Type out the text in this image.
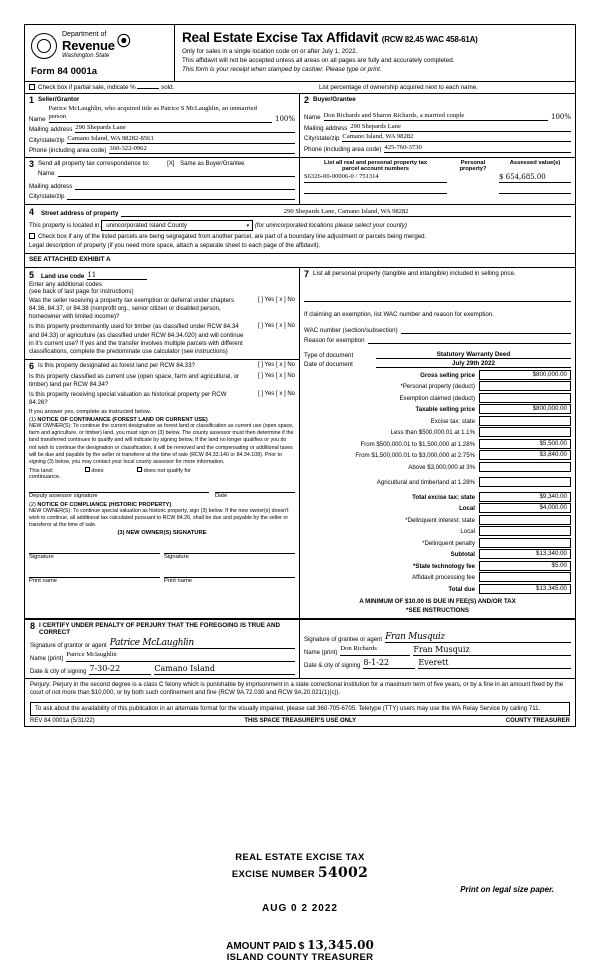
Department of
Revenue
Washington State
⦿
Form 84 0001a
Real Estate Excise Tax Affidavit (RCW 82.45 WAC 458-61A)
Only for sales in a single location code on or after July 1, 2022.
This affidavit will not be accepted unless all areas on all pages are fully and accurately completed.
This form is your receipt when stamped by cashier. Please type or print.
Check box if partial sale, indicate %	sold.	List percentage of ownership acquired next to each name.
1 Seller/Grantor
Name
Patrice McLaughlin, who acquired title as Patrice S McLaughlin, an unmarried person	100%
Mailing address 290 Shepards Lane
City/state/zip Camano Island, WA 98282-8561
Phone (including area code) 360-322-0962
2 Buyer/Grantee
Name Don Richards and Sharon Richards, a married couple	100%
Mailing address 290 Shepards Lane
City/state/zip Camano Island, WA 98282
Phone (including area code) 425-760-3730
3 Send all property tax correspondence to:	[X] Same as Buyer/Grantee
Name
Mailing address
City/state/zip
List all real and personal property tax
parcel account numbers
Personal property?
Assessed value(s)
S6326-00-00006-0 / 751314	$ 654,685.00
4 Street address of property	290 Shepards Lane, Camano Island, WA 98282
This property is located in unincorporated Island County	▾ (for unincorporated locations please select your county)
Check box if any of the listed parcels are being segregated from another parcel, are part of a boundary line adjustment or parcels being merged.
Legal description of property (if you need more space, attach a separate sheet to each page of the affidavit).
SEE ATTACHED EXHIBIT A
5 Land use code 11
Enter any additional codes
(see back of last page for instructions)
Was the seller receiving a property tax exemption or deferral under chapters 84.36, 84.37, or 84.38 (nonprofit org., senior citizen or disabled person, homeowner with limited income)?
[ ] Yes [ x ] No
Is this property predominantly used for timber (as classified under RCW 84.34 and 84.33) or agriculture (as classified under RCW 84.34.020) and will continue in it's current use? If yes and the transfer involves multiple parcels with different classifications, complete the predominate use calculator (see instructions)
[ ] Yes [ x ] No
6 Is this property designated as forest land per RCW 84.33?	[ ] Yes [ x ] No
Is this property classified as current use (open space, farm and agricultural, or timber) land per RCW 84.34?
[ ] Yes [ x ] No
Is this property receiving special valuation as historical property per RCW 84.26?
[ ] Yes [ x ] No
If you answer yes, complete as instructed below.
(1) NOTICE OF CONTINUANCE (FOREST LAND OR CURRENT USE)
NEW OWNER(S): To continue the current designation as forest land or classification as current use (open space, farm and agriculture, or timber) land, you must sign on (3) below. The county assessor must then determine if the land transferred continues to qualify and will indicate by signing below. If the land no longer qualifies or you do not wish to continue the designation or classification, it will be removed and the compensating or additional taxes will be due and payable by the seller or transferor at the time of sale (RCW 84.33.140 or 84.34.108). Prior to signing (3) below, you may contact your local county assessor for more information.
This land:	does	does not qualify for
continuance.
Deputy assessor signature	Date
(2) NOTICE OF COMPLIANCE (HISTORIC PROPERTY)
NEW OWNER(S): To continue special valuation as historic property, sign (3) below. If the new owner(s) doesn't wish to continue, all additional tax calculated pursuant to RCW 84.26, shall be due and payable by the seller or transferor at the time of sale.
(3) NEW OWNER(S) SIGNATURE
Signature	Signature
Print name	Print name
7 List all personal property (tangible and intangible) included in selling price.
If claiming an exemption, list WAC number and reason for exemption.
WAC number (section/subsection)
Reason for exemption
Type of document	Statutory Warranty Deed
Date of document	July 29th 2022
Gross selling price	$800,000.00
*Personal property (deduct)
Exemption claimed (deduct)
Taxable selling price	$800,000.00
Excise tax: state
Less than $500,000.01 at 1.1%
From $500,000.01 to $1,500,000 at 1.28%	$5,500.00
From $1,500,000.01 to $3,000,000 at 2.75%	$3,840.00
Above $3,000,000 at 3%
Agricultural and timberland at 1.28%
Total excise tax: state	$9,340.00
Local	$4,000.00
*Delinquent interest: state
Local
*Delinquent penalty
Subtotal	$13,340.00
*State technology fee	$5.00
Affidavit processing fee
Total due	$13,345.00
A MINIMUM OF $10.00 IS DUE IN FEE(S) AND/OR TAX
*SEE INSTRUCTIONS
8 I CERTIFY UNDER PENALTY OF PERJURY THAT THE FOREGOING IS TRUE AND CORRECT
Signature of grantor or agent Patrice McLaughlin
Name (print)
Patrice Mclaughlin
Date & city of signing 7-30-22	Camano Island
Signature of grantee or agent Fran Musquiz
Name (print)
Don Richards	Fran Musquiz
Date & city of signing 8-1-22	Everett
Perjury: Perjury in the second degree is a class C felony which is punishable by imprisonment in a state correctional institution for a maximum term of five years, or by a fine in an amount fixed by the court of not more than $10,000, or by both such confinement and fine (RCW 9A.72.030 and RCW 9A.20.021(1)(c)).
To ask about the availability of this publication in an alternate format for the visually impaired, please call 360-705-6705. Teletype (TTY) users may use the WA Relay Service by calling 711.
REV 84 0001a (5/31/22)	THIS SPACE TREASURER'S USE ONLY	COUNTY TREASURER
REAL ESTATE EXCISE TAX
EXCISE NUMBER 54002
AUG 0 2 2022
AMOUNT PAID $ 13,345.00
ISLAND COUNTY TREASURER
Print on legal size paper.
